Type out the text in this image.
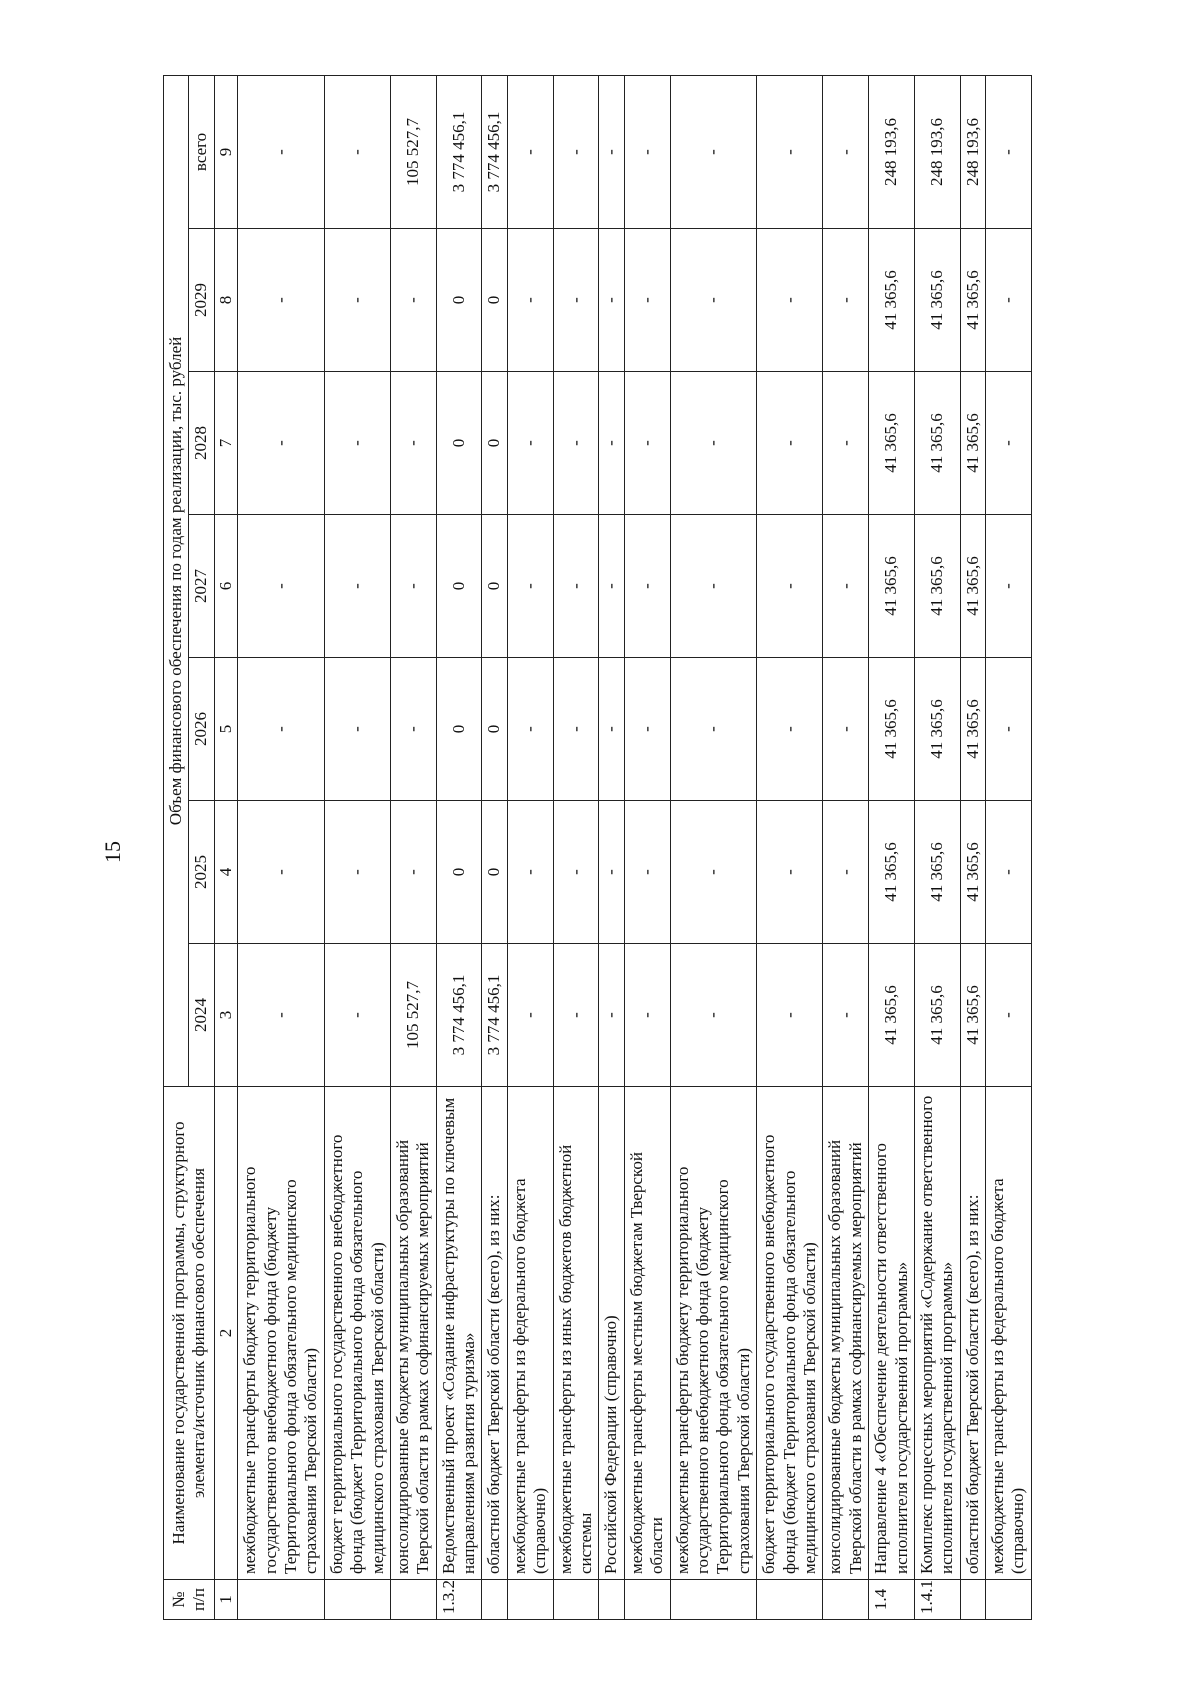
15
№ п/п	Наименование государственной программы, структурного элемента/источник финансового обеспечения	Объем финансового обеспечения по годам реализации, тыс. рублей						
		2024	2025	2026	2027	2028	2029	всего
1	2	3	4	5	6	7	8	9
	межбюджетные трансферты бюджету территориального государственного внебюджетного фонда (бюджету Территориального фонда обязательного медицинского страхования Тверской области)	-	-	-	-	-	-	-
	бюджет территориального государственного внебюджетного фонда (бюджет Территориального фонда обязательного медицинского страхования Тверской области)	-	-	-	-	-	-	-
	консолидированные бюджеты муниципальных образований Тверской области в рамках софинансируемых мероприятий	105 527,7	-	-	-	-	-	105 527,7
1.3.2	Ведомственный проект «Создание инфраструктуры по ключевым направлениям развития туризма»	3 774 456,1	0	0	0	0	0	3 774 456,1
	областной бюджет Тверской области (всего), из них:	3 774 456,1	0	0	0	0	0	3 774 456,1
	межбюджетные трансферты из федерального бюджета (справочно)	-	-	-	-	-	-	-
	межбюджетные трансферты из иных бюджетов бюджетной системы	-	-	-	-	-	-	-
	Российской Федерации (справочно)	-	-	-	-	-	-	-
	межбюджетные трансферты местным бюджетам Тверской области	-	-	-	-	-	-	-
	межбюджетные трансферты бюджету территориального государственного внебюджетного фонда (бюджету Территориального фонда обязательного медицинского страхования Тверской области)	-	-	-	-	-	-	-
	бюджет территориального государственного внебюджетного фонда (бюджет Территориального фонда обязательного медицинского страхования Тверской области)	-	-	-	-	-	-	-
	консолидированные бюджеты муниципальных образований Тверской области в рамках софинансируемых мероприятий	-	-	-	-	-	-	-
1.4	Направление 4 «Обеспечение деятельности ответственного исполнителя государственной программы»	41 365,6	41 365,6	41 365,6	41 365,6	41 365,6	41 365,6	248 193,6
1.4.1	Комплекс процессных мероприятий «Содержание ответственного исполнителя государственной программы»	41 365,6	41 365,6	41 365,6	41 365,6	41 365,6	41 365,6	248 193,6
	областной бюджет Тверской области (всего), из них:	41 365,6	41 365,6	41 365,6	41 365,6	41 365,6	41 365,6	248 193,6
	межбюджетные трансферты из федерального бюджета (справочно)	-	-	-	-	-	-	-
